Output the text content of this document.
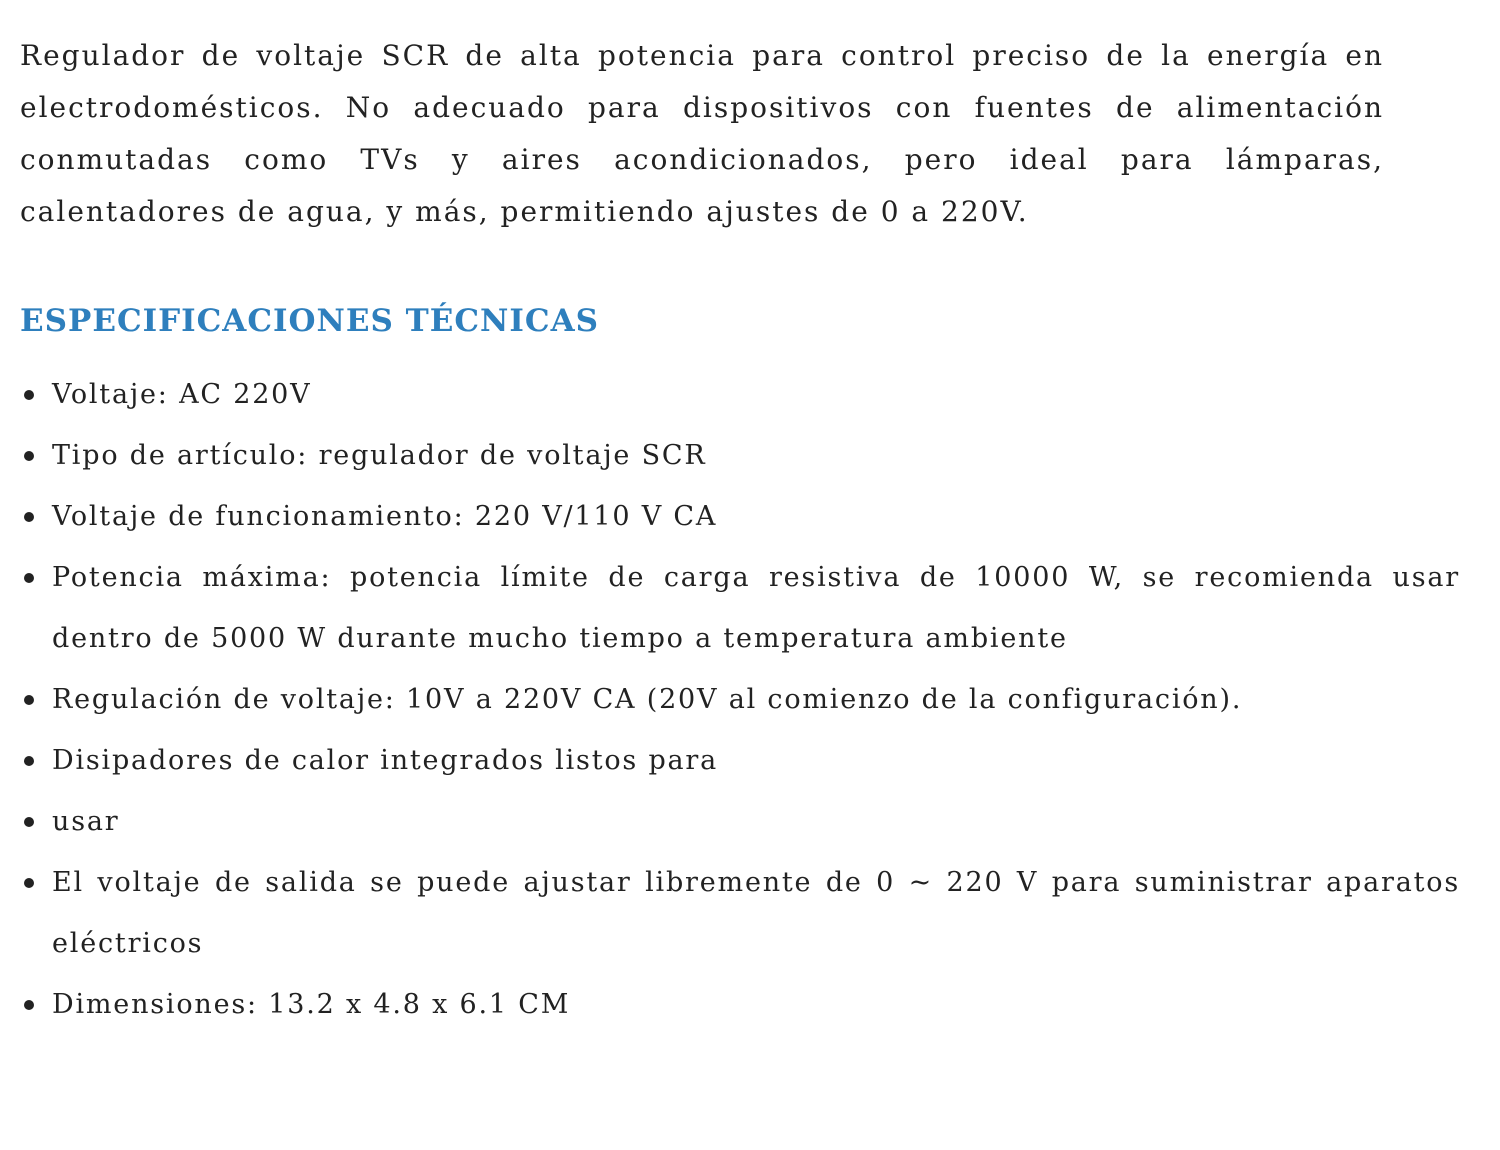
Regulador de voltaje SCR de alta potencia para control preciso de la energía en electrodomésticos. No adecuado para dispositivos con fuentes de alimentación conmutadas como TVs y aires acondicionados, pero ideal para lámparas, calentadores de agua, y más, permitiendo ajustes de 0 a 220V.

ESPECIFICACIONES TÉCNICAS
Voltaje: AC 220V
Tipo de artículo: regulador de voltaje SCR
Voltaje de funcionamiento: 220 V/110 V CA
Potencia máxima: potencia límite de carga resistiva de 10000 W, se recomienda usar dentro de 5000 W durante mucho tiempo a temperatura ambiente
Regulación de voltaje: 10V a 220V CA (20V al comienzo de la configuración).
Disipadores de calor integrados listos para
usar
El voltaje de salida se puede ajustar libremente de 0 ~ 220 V para suministrar aparatos eléctricos
Dimensiones: 13.2 x 4.8 x 6.1 CM
